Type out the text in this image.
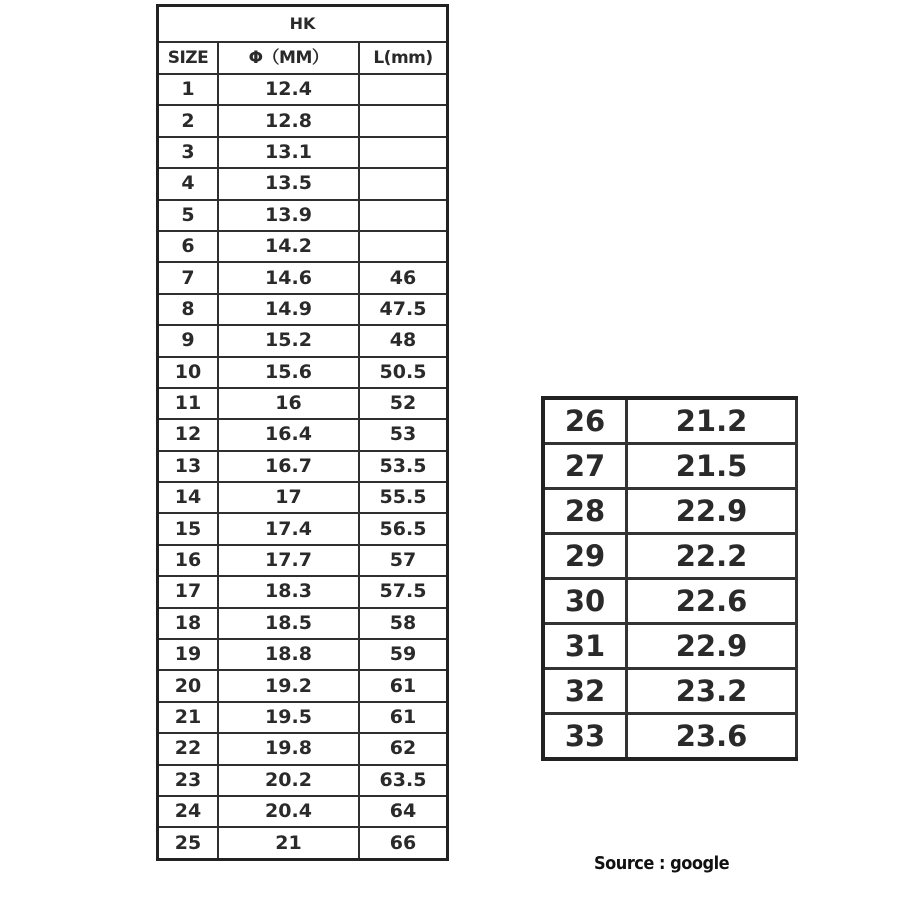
HK		
SIZE	Φ（MM）	L(mm)
1	12.4	
2	12.8	
3	13.1	
4	13.5	
5	13.9	
6	14.2	
7	14.6	46
8	14.9	47.5
9	15.2	48
10	15.6	50.5
11	16	52
12	16.4	53
13	16.7	53.5
14	17	55.5
15	17.4	56.5
16	17.7	57
17	18.3	57.5
18	18.5	58
19	18.8	59
20	19.2	61
21	19.5	61
22	19.8	62
23	20.2	63.5
24	20.4	64
25	21	66
26	21.2
27	21.5
28	22.9
29	22.2
30	22.6
31	22.9
32	23.2
33	23.6
Source : google
